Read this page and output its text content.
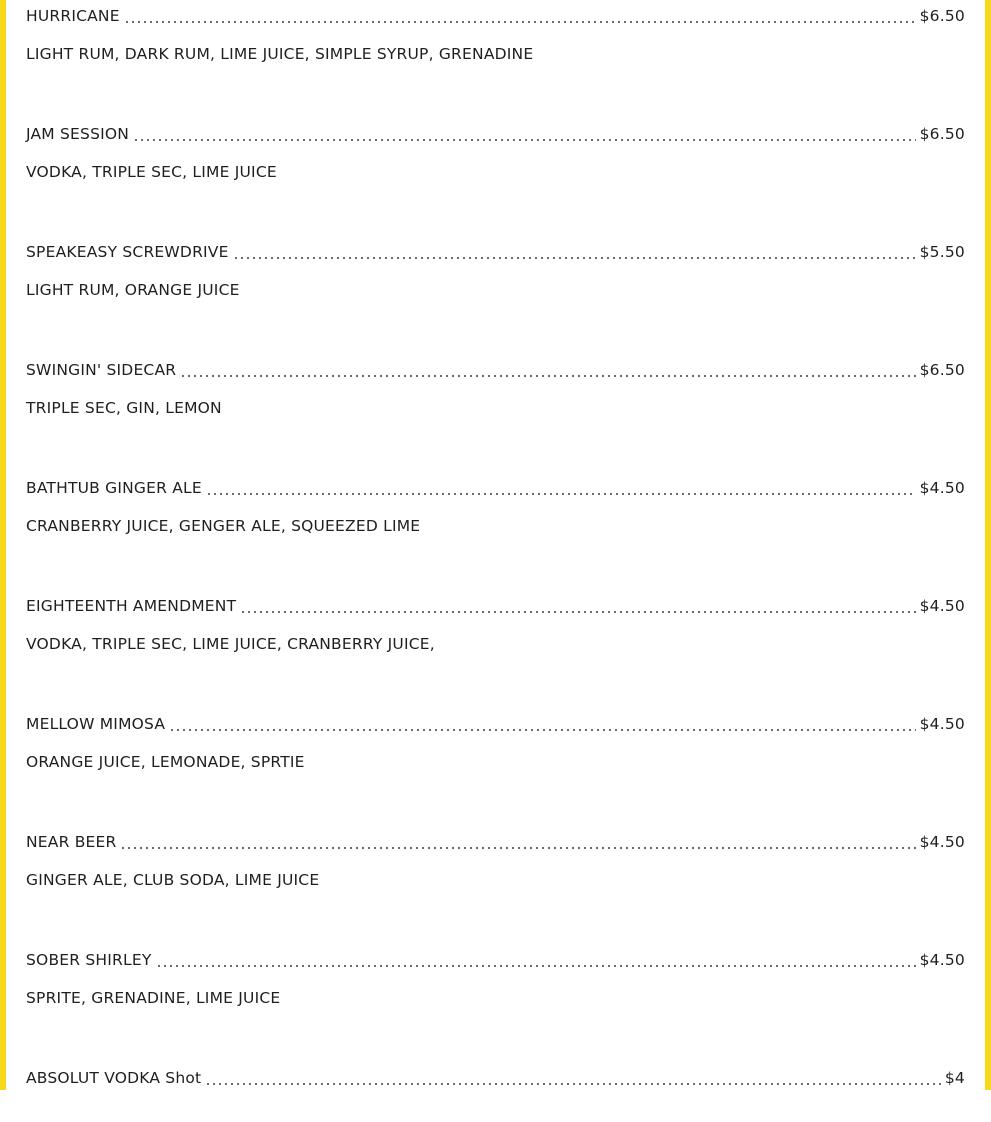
HURRICANE	$6.50
LIGHT RUM, DARK RUM, LIME JUICE, SIMPLE SYRUP, GRENADINE
JAM SESSION	$6.50
VODKA, TRIPLE SEC, LIME JUICE
SPEAKEASY SCREWDRIVE	$5.50
LIGHT RUM, ORANGE JUICE
SWINGIN' SIDECAR	$6.50
TRIPLE SEC, GIN, LEMON
BATHTUB GINGER ALE	$4.50
CRANBERRY JUICE, GENGER ALE, SQUEEZED LIME
EIGHTEENTH AMENDMENT	$4.50
VODKA, TRIPLE SEC, LIME JUICE, CRANBERRY JUICE,
MELLOW MIMOSA	$4.50
ORANGE JUICE, LEMONADE, SPRTIE
NEAR BEER	$4.50
GINGER ALE, CLUB SODA, LIME JUICE
SOBER SHIRLEY	$4.50
SPRITE, GRENADINE, LIME JUICE
ABSOLUT VODKA Shot	$4
